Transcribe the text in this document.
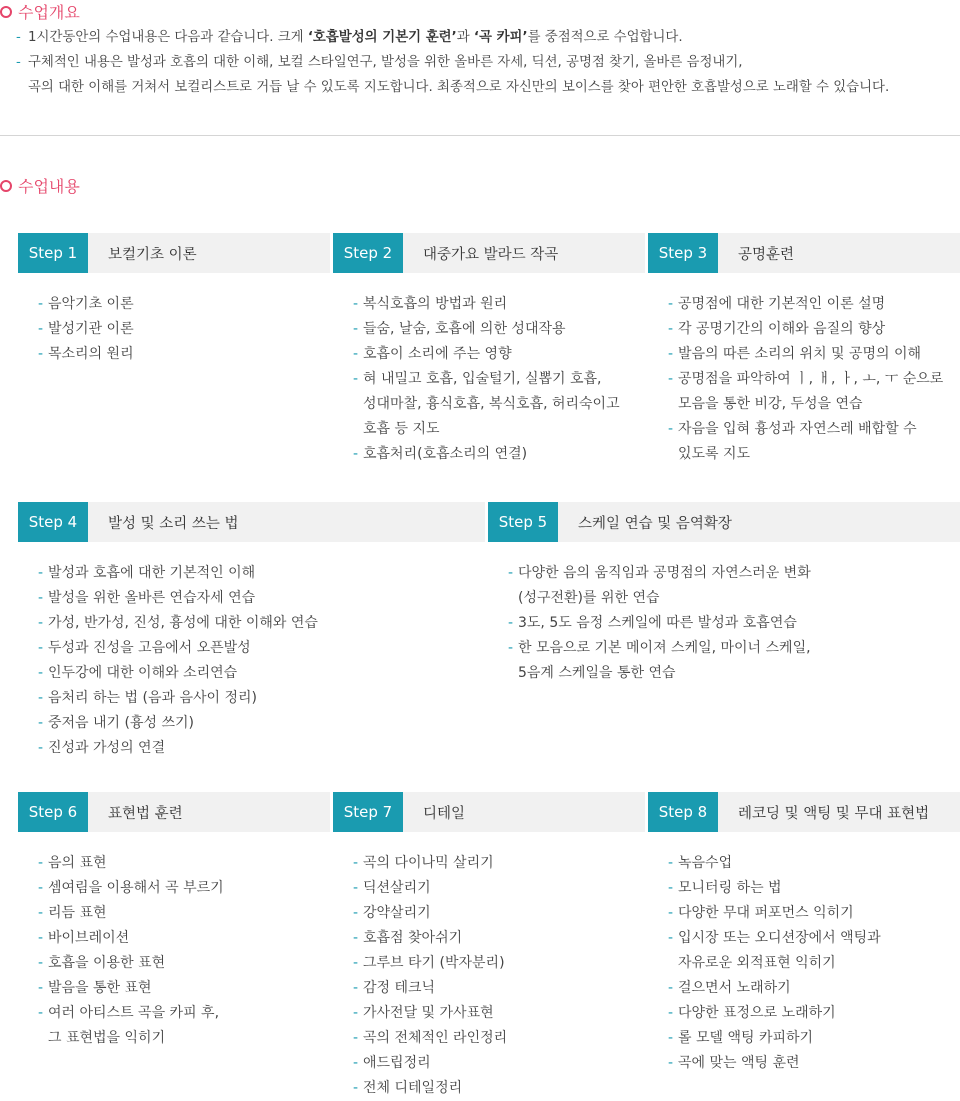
수업개요
- 1시간동안의 수업내용은 다음과 같습니다. 크게 ‘호흡발성의 기본기 훈련’과 ‘곡 카피’를 중점적으로 수업합니다.
- 구체적인 내용은 발성과 호흡의 대한 이해, 보컬 스타일연구, 발성을 위한 올바른 자세, 딕션, 공명점 찾기, 올바른 음정내기,
곡의 대한 이해를 거쳐서 보컬리스트로 거듭 날 수 있도록 지도합니다. 최종적으로 자신만의 보이스를 찾아 편안한 호흡발성으로 노래할 수 있습니다.
수업내용
Step 1	보컬기초 이론
- 음악기초 이론
- 발성기관 이론
- 목소리의 원리
Step 2	대중가요 발라드 작곡
- 복식호흡의 방법과 원리
- 들숨, 날숨, 호흡에 의한 성대작용
- 호흡이 소리에 주는 영향
- 혀 내밀고 호흡, 입술털기, 실뽑기 호흡,
성대마찰, 흉식호흡, 복식호흡, 허리숙이고
호흡 등 지도
- 호흡처리(호흡소리의 연결)
Step 3	공명훈련
- 공명점에 대한 기본적인 이론 설명
- 각 공명기간의 이해와 음질의 향상
- 발음의 따른 소리의 위치 및 공명의 이해
- 공명점을 파악하여 ㅣ, ㅐ, ㅏ, ㅗ, ㅜ 순으로
모음을 통한 비강, 두성을 연습
- 자음을 입혀 흉성과 자연스레 배합할 수
있도록 지도
Step 4	발성 및 소리 쓰는 법
- 발성과 호흡에 대한 기본적인 이해
- 발성을 위한 올바른 연습자세 연습
- 가성, 반가성, 진성, 흉성에 대한 이해와 연습
- 두성과 진성을 고음에서 오픈발성
- 인두강에 대한 이해와 소리연습
- 음처리 하는 법 (음과 음사이 정리)
- 중저음 내기 (흉성 쓰기)
- 진성과 가성의 연결
Step 5	스케일 연습 및 음역확장
- 다양한 음의 움직임과 공명점의 자연스러운 변화
(성구전환)를 위한 연습
- 3도, 5도 음정 스케일에 따른 발성과 호흡연습
- 한 모음으로 기본 메이져 스케일, 마이너 스케일,
5음계 스케일을 통한 연습
Step 6	표현법 훈련
- 음의 표현
- 셈여림을 이용해서 곡 부르기
- 리듬 표현
- 바이브레이션
- 호흡을 이용한 표현
- 발음을 통한 표현
- 여러 아티스트 곡을 카피 후,
그 표현법을 익히기
Step 7	디테일
- 곡의 다이나믹 살리기
- 딕션살리기
- 강약살리기
- 호흡점 찾아쉬기
- 그루브 타기 (박자분리)
- 감정 테크닉
- 가사전달 및 가사표현
- 곡의 전체적인 라인정리
- 애드립정리
- 전체 디테일정리
Step 8	레코딩 및 액팅 및 무대 표현법
- 녹음수업
- 모니터링 하는 법
- 다양한 무대 퍼포먼스 익히기
- 입시장 또는 오디션장에서 액팅과
자유로운 외적표현 익히기
- 걸으면서 노래하기
- 다양한 표정으로 노래하기
- 롤 모델 액팅 카피하기
- 곡에 맞는 액팅 훈련
